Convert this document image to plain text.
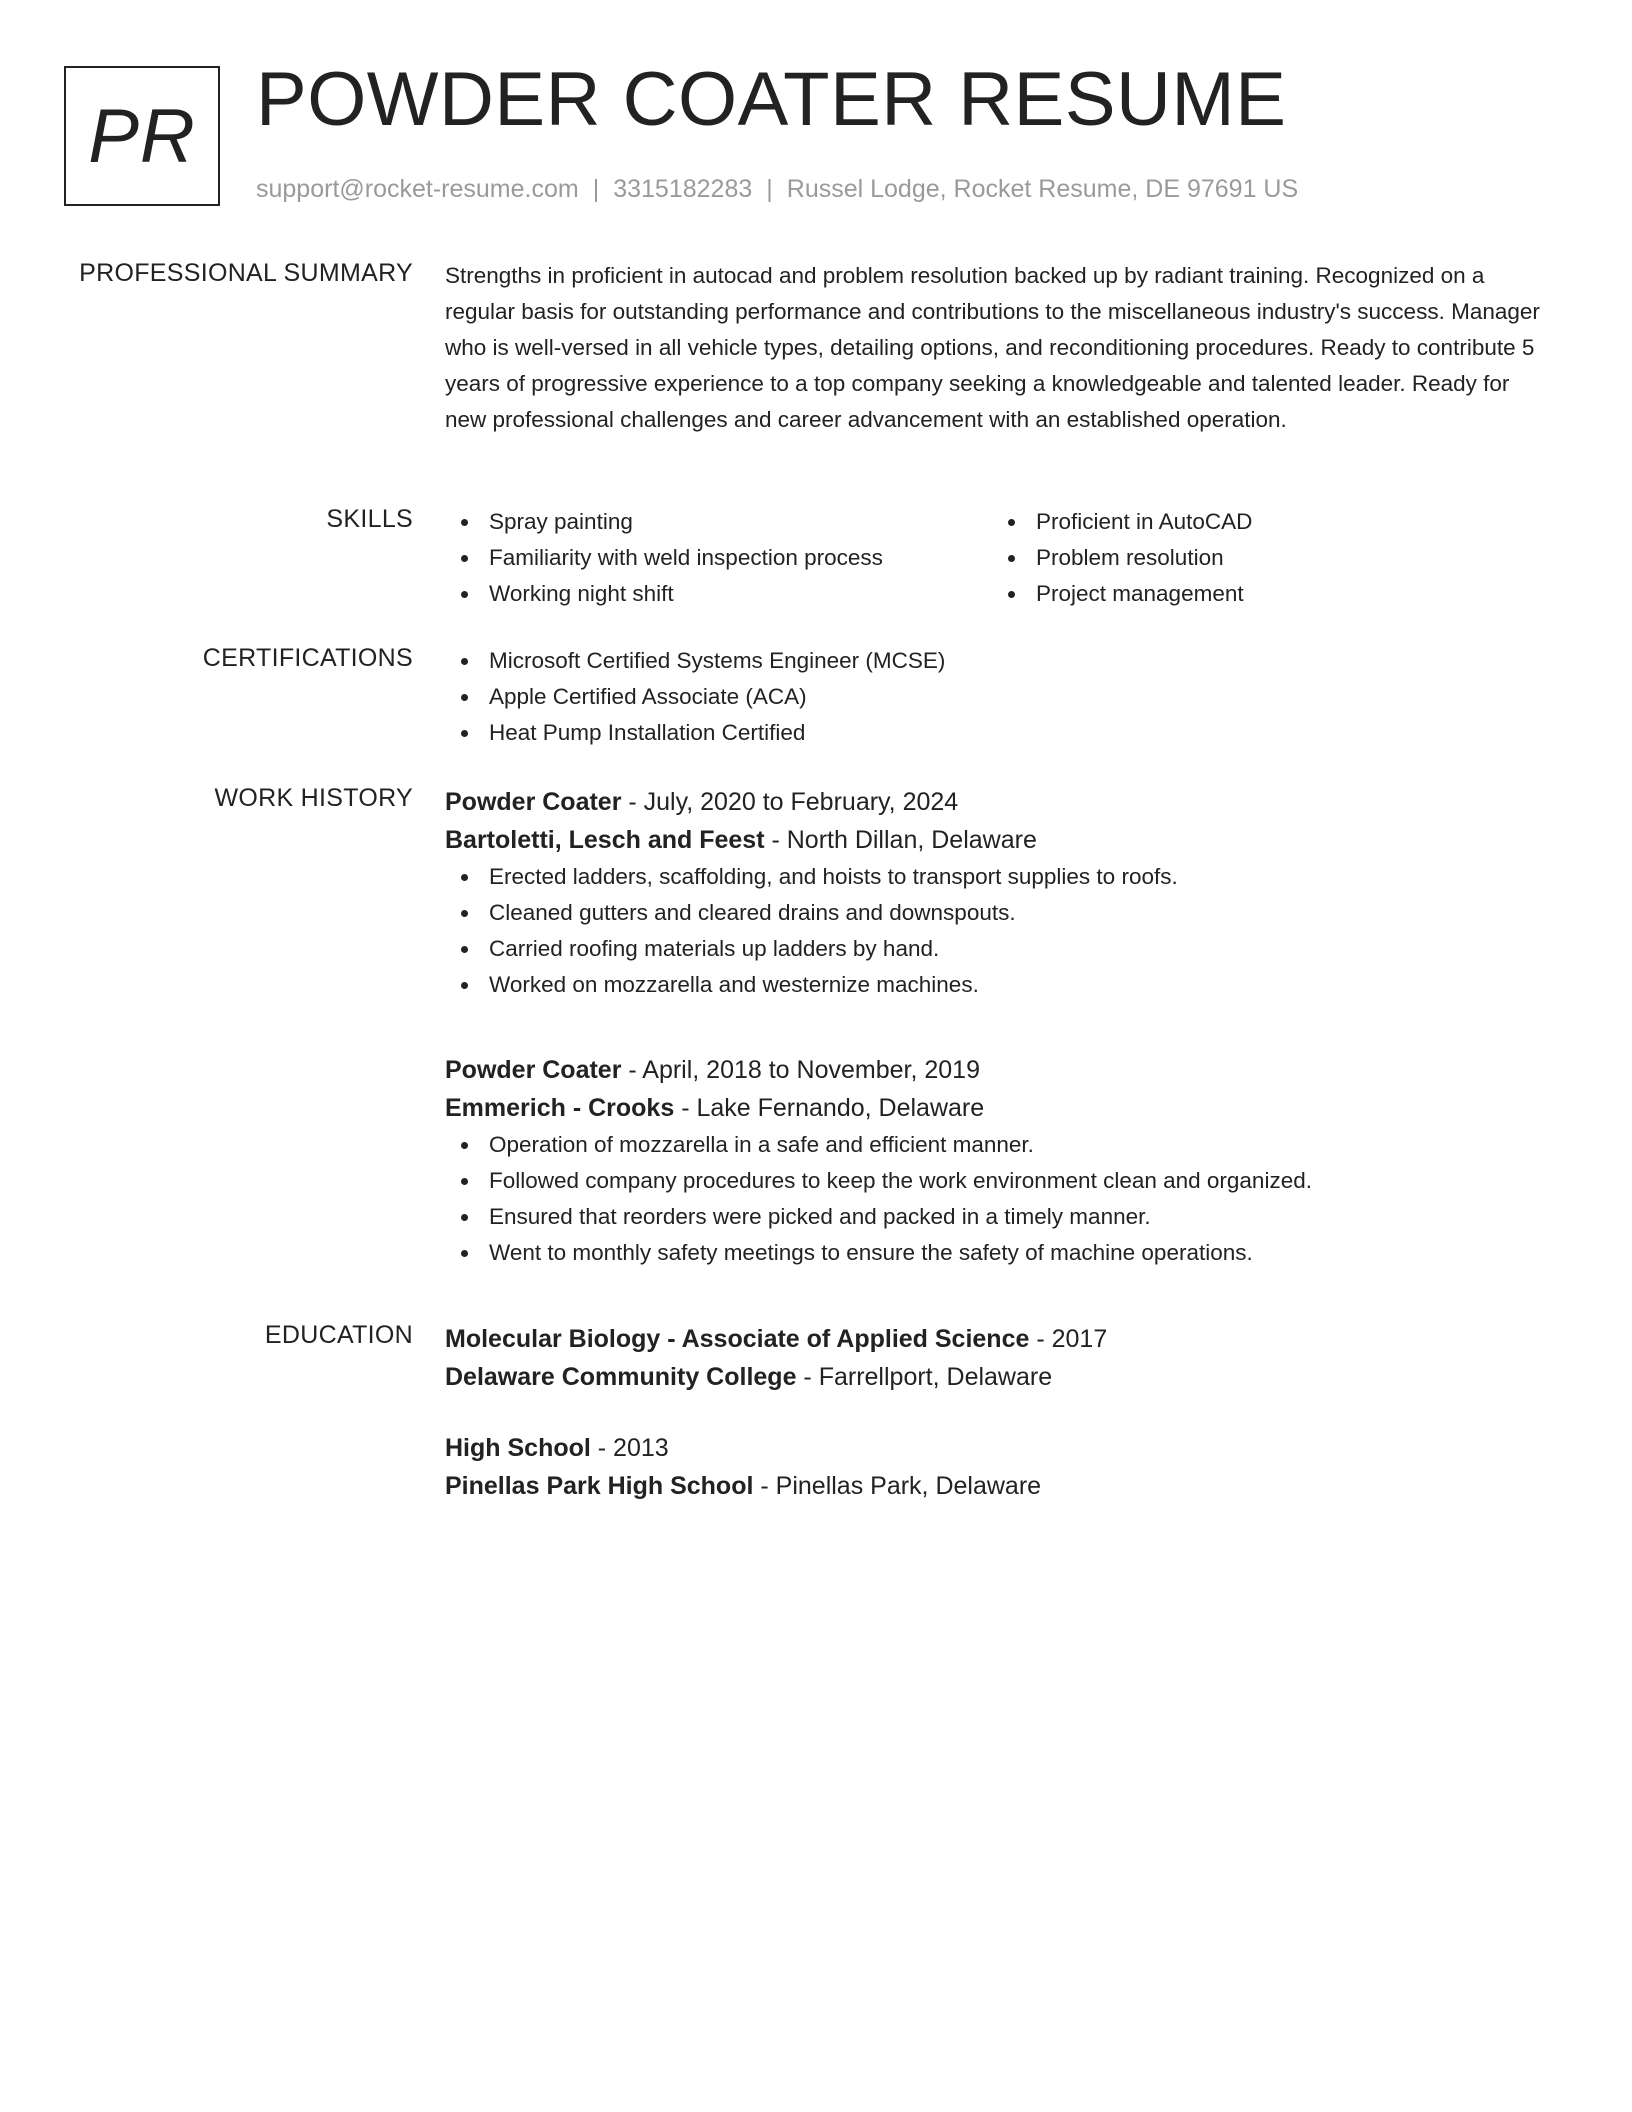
PR POWDER COATER RESUME
support@rocket-resume.com | 3315182283 | Russel Lodge, Rocket Resume, DE 97691 US
PROFESSIONAL SUMMARY Strengths in proficient in autocad and problem resolution backed up by radiant training. Recognized on a regular basis for outstanding performance and contributions to the miscellaneous industry's success. Manager who is well-versed in all vehicle types, detailing options, and reconditioning procedures. Ready to contribute 5 years of progressive experience to a top company seeking a knowledgeable and talented leader. Ready for new professional challenges and career advancement with an established operation.

SKILLS	Spray painting
Familiarity with weld inspection process
Working night shift
Proficient in AutoCAD
Problem resolution
Project management
CERTIFICATIONS	Microsoft Certified Systems Engineer (MCSE)
Apple Certified Associate (ACA)
Heat Pump Installation Certified
WORK HISTORY Powder Coater - July, 2020 to February, 2024
Bartoletti, Lesch and Feest - North Dillan, Delaware
Erected ladders, scaffolding, and hoists to transport supplies to roofs.
Cleaned gutters and cleared drains and downspouts.
Carried roofing materials up ladders by hand.
Worked on mozzarella and westernize machines.
Powder Coater - April, 2018 to November, 2019
Emmerich - Crooks - Lake Fernando, Delaware
Operation of mozzarella in a safe and efficient manner.
Followed company procedures to keep the work environment clean and organized.
Ensured that reorders were picked and packed in a timely manner.
Went to monthly safety meetings to ensure the safety of machine operations.
EDUCATION Molecular Biology - Associate of Applied Science - 2017
Delaware Community College - Farrellport, Delaware
High School - 2013
Pinellas Park High School - Pinellas Park, Delaware
